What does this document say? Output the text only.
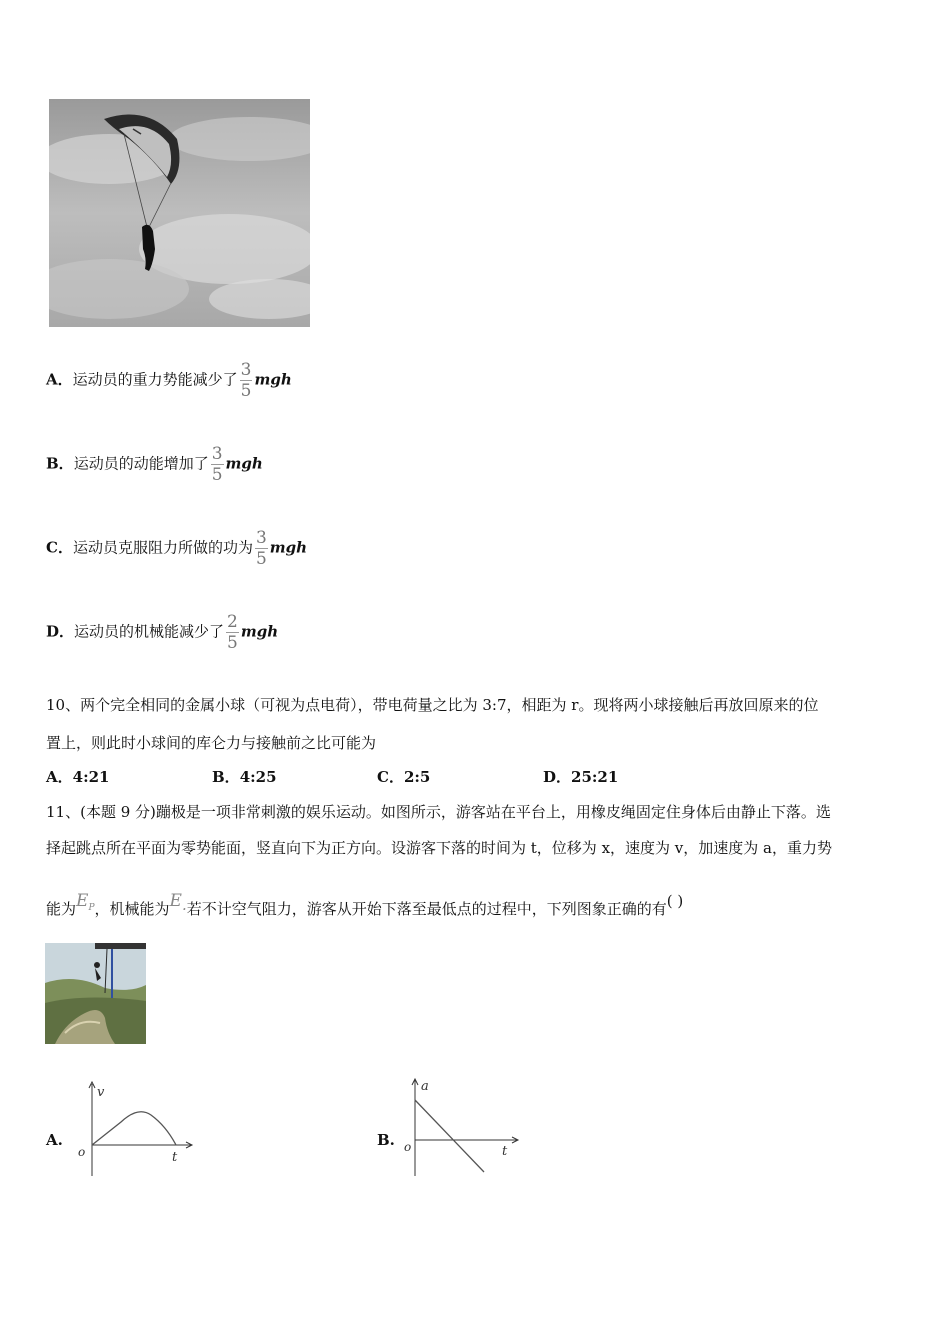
A．运动员的重力势能减少了 $\frac{3}{5}$ mgh
B．运动员的动能增加了 $\frac{3}{5}$ mgh
C．运动员克服阻力所做的功为 $\frac{3}{5}$ mgh
D．运动员的机械能减少了 $\frac{2}{5}$ mgh
10、两个完全相同的金属小球（可视为点电荷），带电荷量之比为 3:7，相距为 r。现将两小球接触后再放回原来的位
置上，则此时小球间的库仑力与接触前之比可能为
A．4:21	B．4:25	C．2:5	D．25:21
11、(本题 9 分)蹦极是一项非常刺激的娱乐运动。如图所示，游客站在平台上，用橡皮绳固定住身体后由静止下落。选
择起跳点所在平面为零势能面，竖直向下为正方向。设游客下落的时间为 t，位移为 x，速度为 v，加速度为 a，重力势
能为$E_P$，机械能为E·若不计空气阻力，游客从开始下落至最低点的过程中，下列图象正确的有( )
A.
v
t
o
B.
a
t
o
